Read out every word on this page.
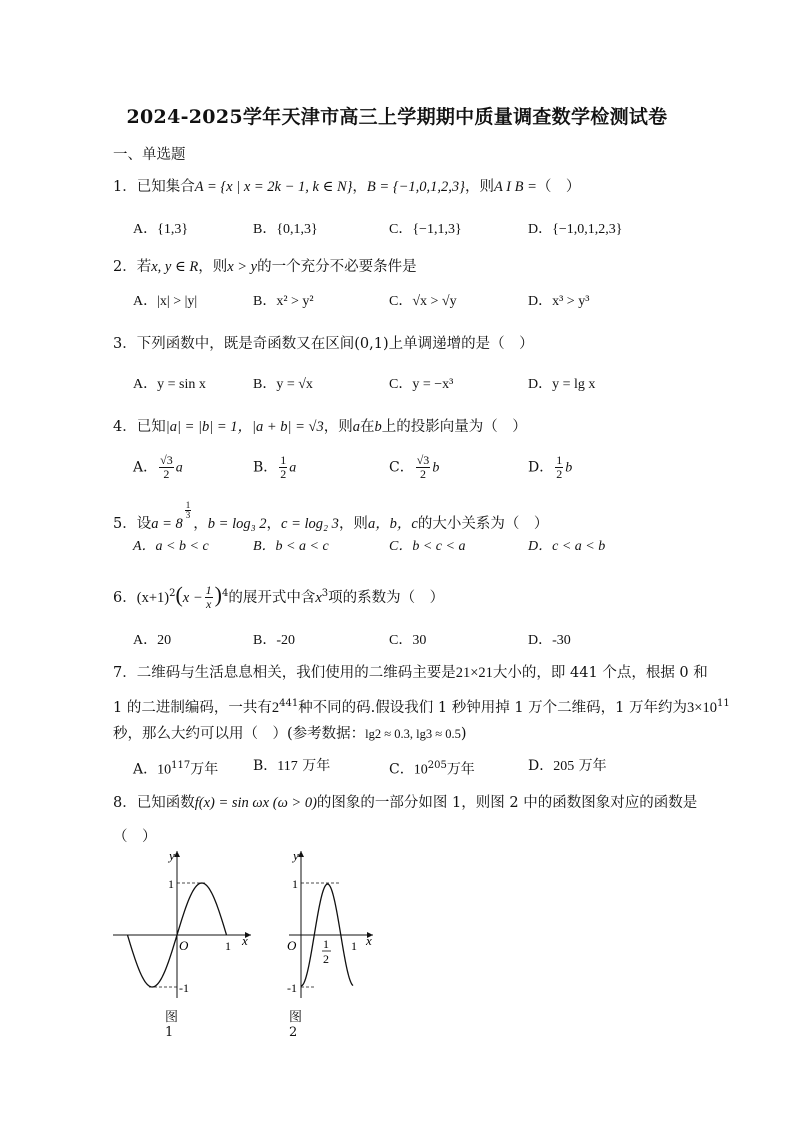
2024-2025学年天津市高三上学期期中质量调查数学检测试卷
一、单选题
1．已知集合A = {x | x = 2k − 1, k ∈ N}，B = {−1,0,1,2,3}，则A I B =（　）
A．{1,3}	B．{0,1,3}	C．{−1,1,3}	D．{−1,0,1,2,3}
2．若x, y ∈ R，则x > y的一个充分不必要条件是
A．|x| > |y|	B．x² > y²	C．√x > √y	D．x³ > y³
3．下列函数中，既是奇函数又在区间(0,1)上单调递增的是（　）
A．y = sin x	B．y = √x	C．y = −x³	D．y = lg x
4．已知|a| = |b| = 1，|a + b| = √3，则a在b上的投影向量为（　）
A． $\frac{√3}{2}$ a	B． $\frac{1}{2}$ a	C． $\frac{√3}{2}$ b	D． $\frac{1}{2}$ b
5．设a = 8
$^{\frac{1}{3}}$
，b = log₃ 2，c = log₂ 3，则a，b，c的大小关系为（　）
A．a < b < c	B．b < a < c	C．b < c < a	D．c < a < b
6．$(x+1)^2(x - \frac{1}{x} )^4$的展开式中含$x^3$项的系数为（　）
A．20	B．-20	C．30	D．-30
7．二维码与生活息息相关，我们使用的二维码主要是21×21大小的，即 441 个点，根据 0 和
1 的二进制编码，一共有$2^{441}$种不同的码.假设我们 1 秒钟用掉 1 万个二维码，1 万年约为$3\times 10^{11}$
秒，那么大约可以用（　）(参考数据：lg2 ≈ 0.3, lg3 ≈ 0.5)
A．$10^{117}$万年 B．117 万年	C．$10^{205}$万年	D．205 万年
8．已知函数f(x) = sin ωx (ω > 0)的图象的一部分如图 1，则图 2 中的函数图象对应的函数是
（　）
y
x
O
1
-1
1
图1
y
x
O
1
-1
1
1
2
图2
